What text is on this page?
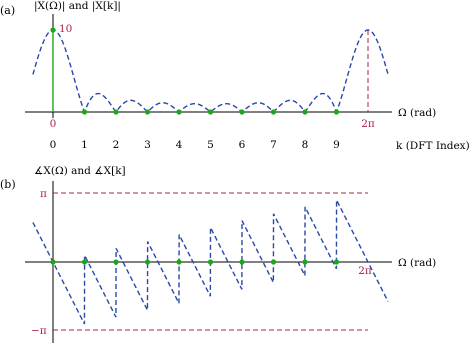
(a) |X(Ω)| and |X[k]|
Ω (rad)
k (DFT Index)
0	2π
10
0 1 2 3 4 5 6 7 8 9
(b)
∡X(Ω) and ∡X[k]
Ω (rad)
π
−π
2π
